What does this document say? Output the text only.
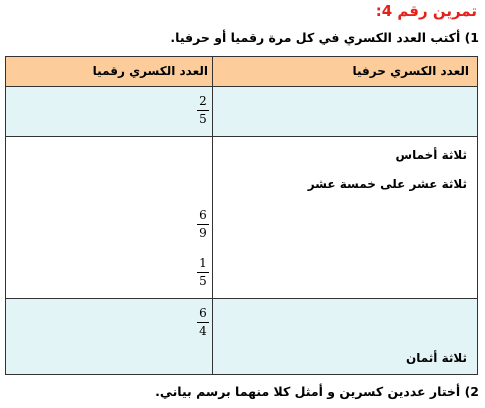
تمرين رقم 4:
1) أكتب العدد الكسري في كل مرة رقميا أو حرفيا.
العدد الكسري رقميا	العدد الكسري حرفيا
2
5
ثلاثة أخماس
ثلاثة عشر على خمسة عشر
6
9
1
5
6
4
ثلاثة أثمان
2) أختار عددين كسرين و أمثل كلا منهما برسم بياني.
